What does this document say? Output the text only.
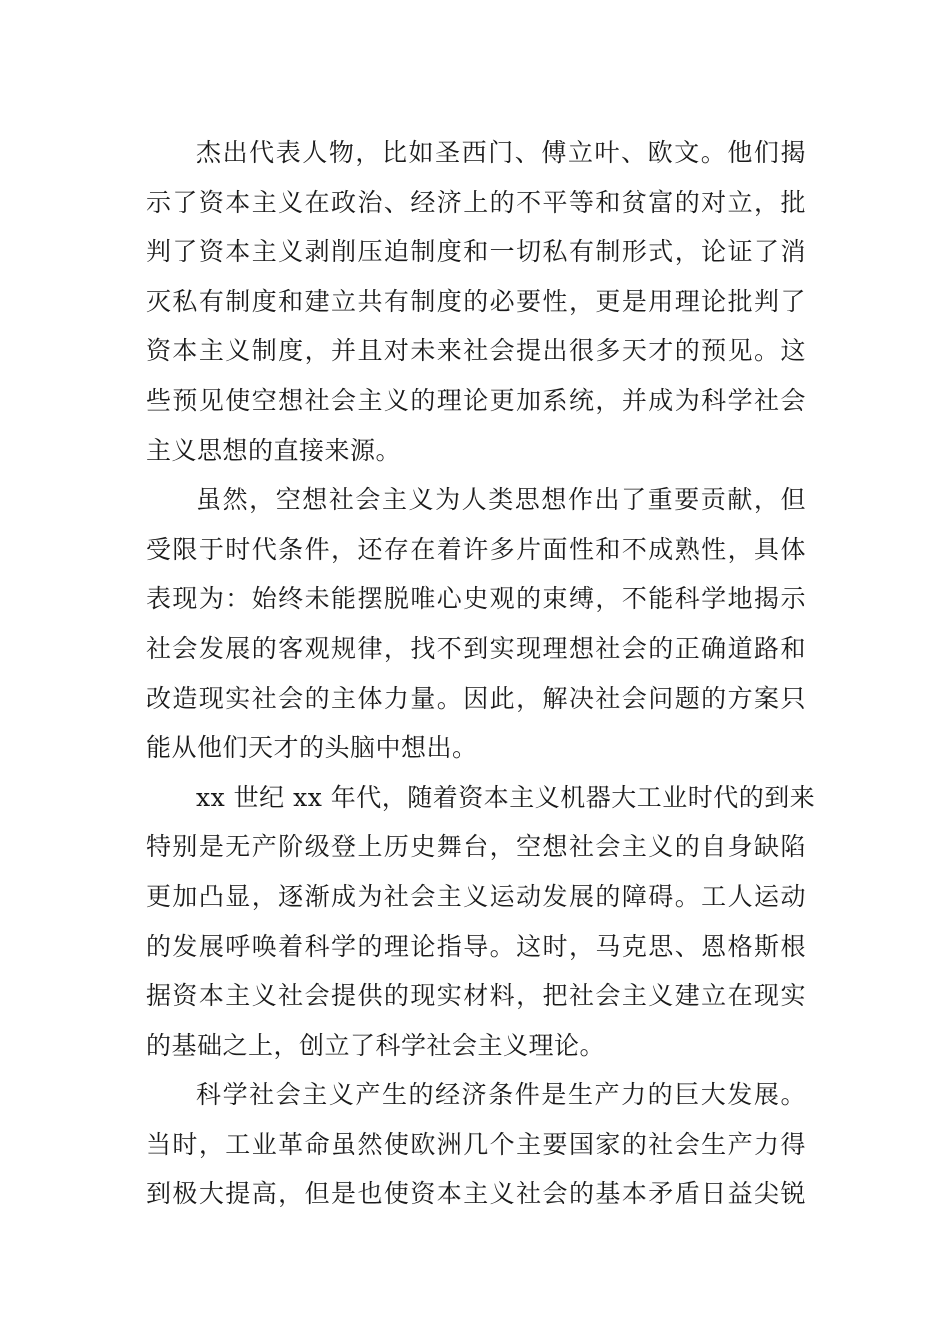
杰出代表人物，比如圣西门、傅立叶、欧文。他们揭
示了资本主义在政治、经济上的不平等和贫富的对立，批
判了资本主义剥削压迫制度和一切私有制形式，论证了消
灭私有制度和建立共有制度的必要性，更是用理论批判了
资本主义制度，并且对未来社会提出很多天才的预见。这
些预见使空想社会主义的理论更加系统，并成为科学社会
主义思想的直接来源。
虽然，空想社会主义为人类思想作出了重要贡献，但
受限于时代条件，还存在着许多片面性和不成熟性，具体
表现为：始终未能摆脱唯心史观的束缚，不能科学地揭示
社会发展的客观规律，找不到实现理想社会的正确道路和
改造现实社会的主体力量。因此，解决社会问题的方案只
能从他们天才的头脑中想出。
xx 世纪 xx 年代，随着资本主义机器大工业时代的到来
特别是无产阶级登上历史舞台，空想社会主义的自身缺陷
更加凸显，逐渐成为社会主义运动发展的障碍。工人运动
的发展呼唤着科学的理论指导。这时，马克思、恩格斯根
据资本主义社会提供的现实材料，把社会主义建立在现实
的基础之上，创立了科学社会主义理论。
科学社会主义产生的经济条件是生产力的巨大发展。
当时，工业革命虽然使欧洲几个主要国家的社会生产力得
到极大提高，但是也使资本主义社会的基本矛盾日益尖锐
